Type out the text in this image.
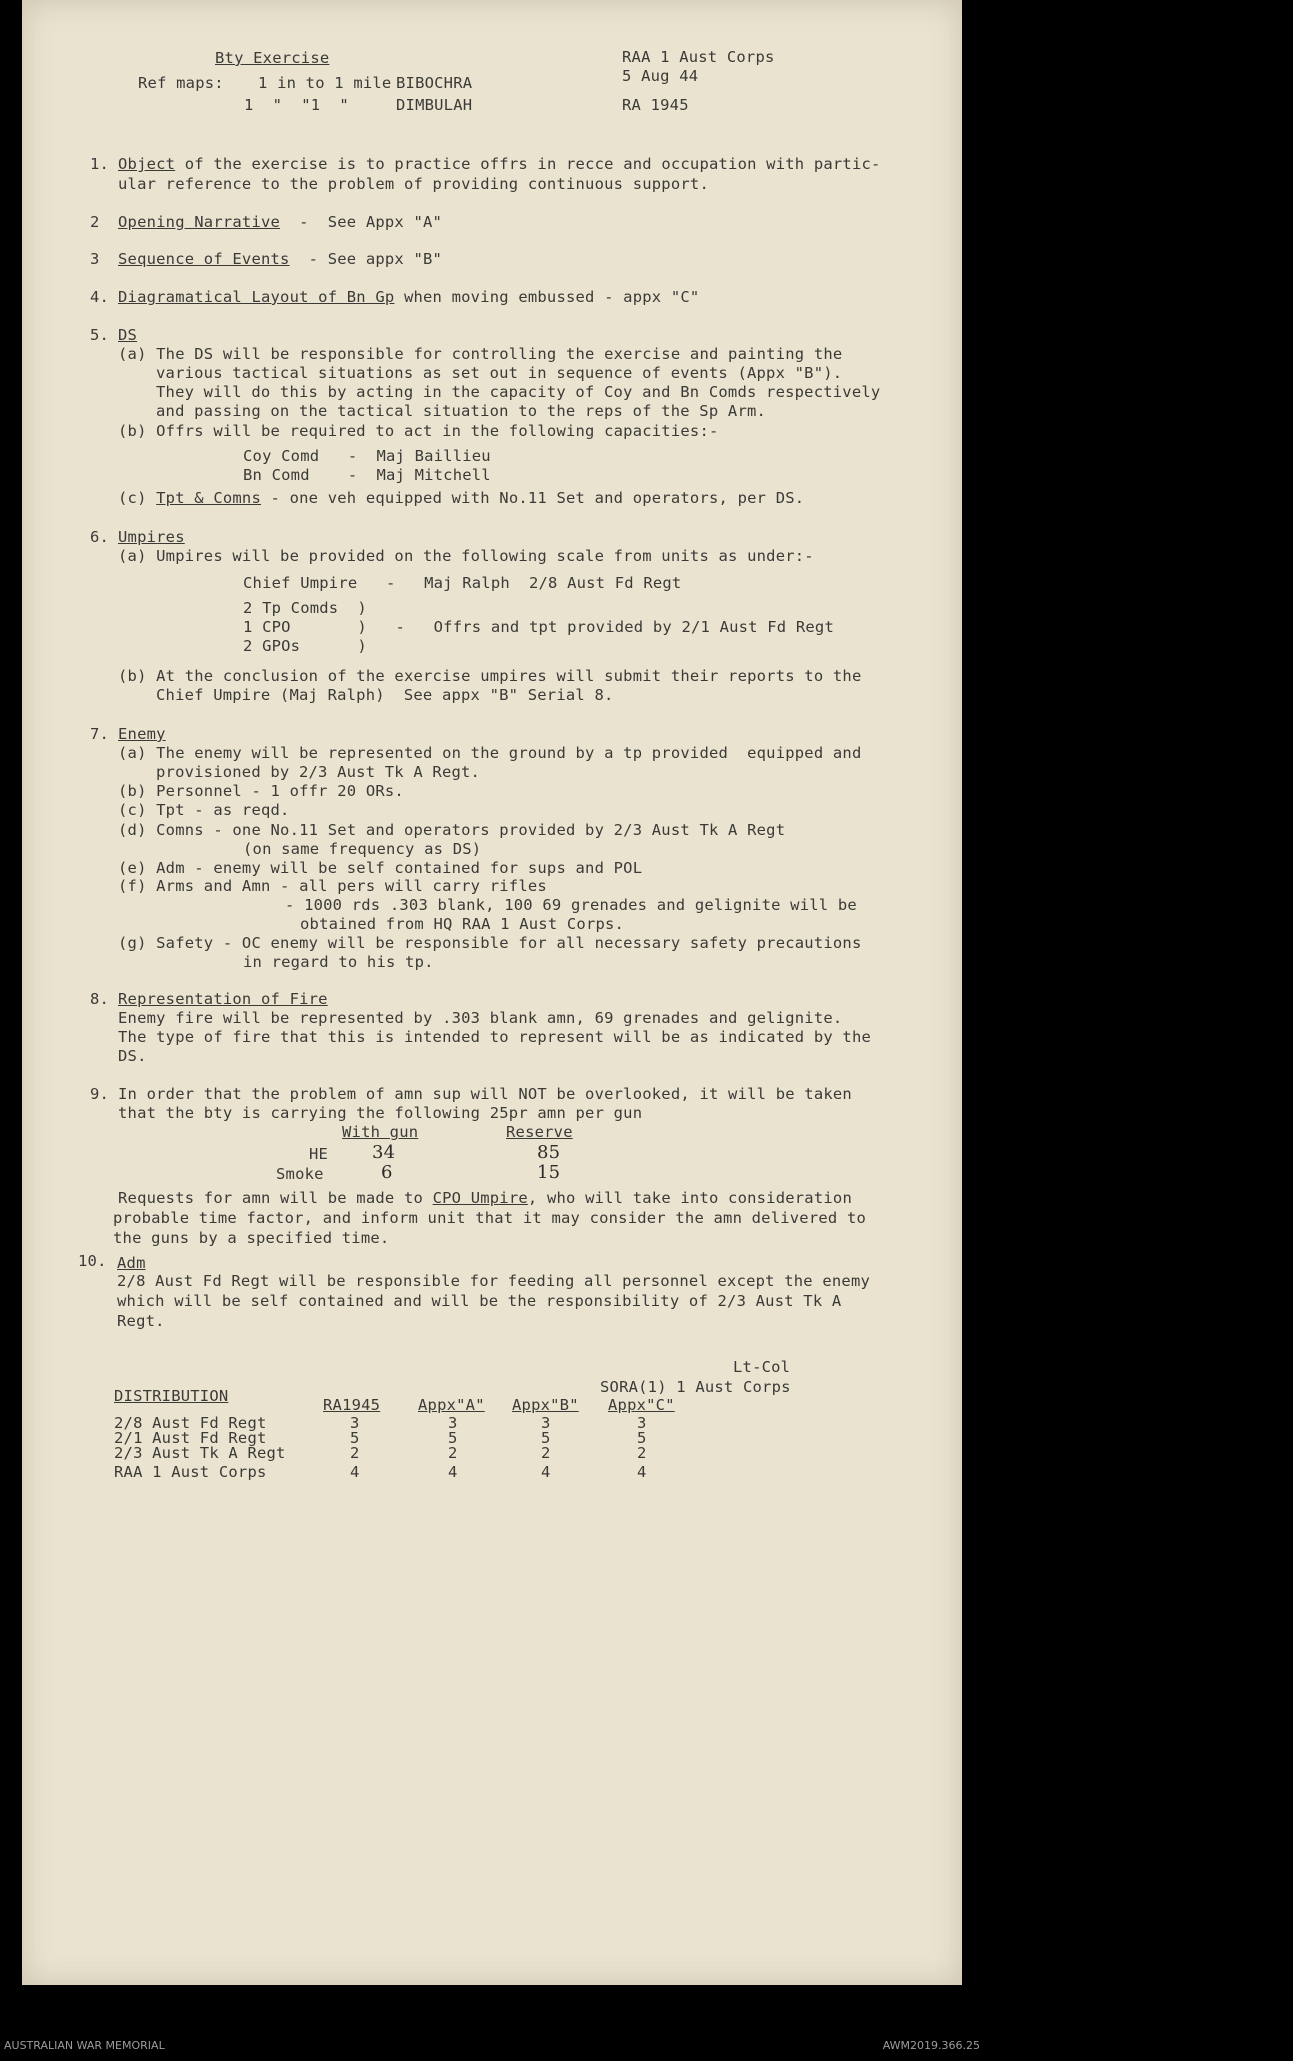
Bty Exercise
Ref maps: 1 in to 1 mile BIBOCHRA
1  "  "1  "	DIMBULAH
RAA 1 Aust Corps
5 Aug 44
RA 1945
1. Object of the exercise is to practice offrs in recce and occupation with partic-
ular reference to the problem of providing continuous support.
2 Opening Narrative  -  See Appx "A"
3 Sequence of Events  - See appx "B"
4. Diagramatical Layout of Bn Gp when moving embussed - appx "C"
5. DS
(a) The DS will be responsible for controlling the exercise and painting the
various tactical situations as set out in sequence of events (Appx "B").
They will do this by acting in the capacity of Coy and Bn Comds respectively
and passing on the tactical situation to the reps of the Sp Arm.
(b) Offrs will be required to act in the following capacities:-
Coy Comd   -  Maj Baillieu
Bn Comd    -  Maj Mitchell
(c) Tpt & Comns - one veh equipped with No.11 Set and operators, per DS.
6. Umpires
(a) Umpires will be provided on the following scale from units as under:-
Chief Umpire   -   Maj Ralph  2/8 Aust Fd Regt
2 Tp Comds  )
1 CPO       )   -   Offrs and tpt provided by 2/1 Aust Fd Regt
2 GPOs      )
(b) At the conclusion of the exercise umpires will submit their reports to the
Chief Umpire (Maj Ralph)  See appx "B" Serial 8.
7. Enemy
(a) The enemy will be represented on the ground by a tp provided  equipped and
provisioned by 2/3 Aust Tk A Regt.
(b) Personnel - 1 offr 20 ORs.
(c) Tpt - as reqd.
(d) Comns - one No.11 Set and operators provided by 2/3 Aust Tk A Regt
(on same frequency as DS)
(e) Adm - enemy will be self contained for sups and POL
(f) Arms and Amn - all pers will carry rifles
- 1000 rds .303 blank, 100 69 grenades and gelignite will be
obtained from HQ RAA 1 Aust Corps.
(g) Safety - OC enemy will be responsible for all necessary safety precautions
in regard to his tp.
8. Representation of Fire
Enemy fire will be represented by .303 blank amn, 69 grenades and gelignite.
The type of fire that this is intended to represent will be as indicated by the
DS.
9. In order that the problem of amn sup will NOT be overlooked, it will be taken
that the bty is carrying the following 25pr amn per gun
With gun	Reserve
HE 34	85
Smoke	6	15
Requests for amn will be made to CPO Umpire, who will take into consideration
probable time factor, and inform unit that it may consider the amn delivered to
the guns by a specified time.
10. Adm
2/8 Aust Fd Regt will be responsible for feeding all personnel except the enemy
which will be self contained and will be the responsibility of 2/3 Aust Tk A
Regt.
Lt-Col
SORA(1) 1 Aust Corps
DISTRIBUTION	RA1945 Appx"A" Appx"B" Appx"C"
2/8 Aust Fd Regt	3	3	3	3
2/1 Aust Fd Regt	5	5	5	5
2/3 Aust Tk A Regt	2	2	2	2
RAA 1 Aust Corps	4	4	4	4
AUSTRALIAN WAR MEMORIAL	AWM2019.366.25
